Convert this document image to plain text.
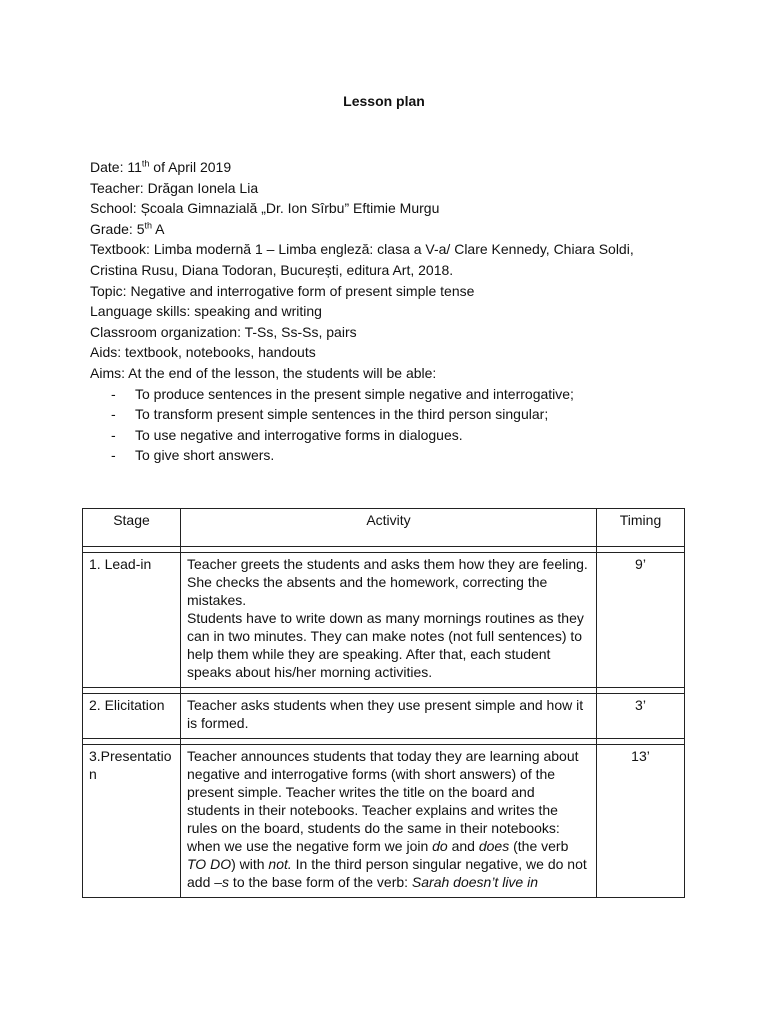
Lesson plan
Date: 11th of April 2019
Teacher: Drăgan Ionela Lia
School: Școala Gimnazială „Dr. Ion Sîrbu” Eftimie Murgu
Grade: 5th A
Textbook: Limba modernă 1 – Limba engleză: clasa a V-a/ Clare Kennedy, Chiara Soldi, Cristina Rusu, Diana Todoran, București, editura Art, 2018.
Topic: Negative and interrogative form of present simple tense
Language skills: speaking and writing
Classroom organization: T-Ss, Ss-Ss, pairs
Aids: textbook, notebooks, handouts
Aims: At the end of the lesson, the students will be able:
- To produce sentences in the present simple negative and interrogative;
- To transform present simple sentences in the third person singular;
- To use negative and interrogative forms in dialogues.
- To give short answers.
Stage	Activity	Timing

1. Lead-in	Teacher greets the students and asks them how they are feeling. She checks the absents and the homework, correcting the mistakes.
Students have to write down as many mornings routines as they can in two minutes. They can make notes (not full sentences) to help them while they are speaking. After that, each student speaks about his/her morning activities.	9’

2. Elicitation	Teacher asks students when they use present simple and how it is formed.	3’

3.Presentatio
n	Teacher announces students that today they are learning about negative and interrogative forms (with short answers) of the present simple. Teacher writes the title on the board and students in their notebooks. Teacher explains and writes the rules on the board, students do the same in their notebooks: when we use the negative form we join do and does (the verb TO DO) with not. In the third person singular negative, we do not add –s to the base form of the verb: Sarah doesn’t live in	13’
